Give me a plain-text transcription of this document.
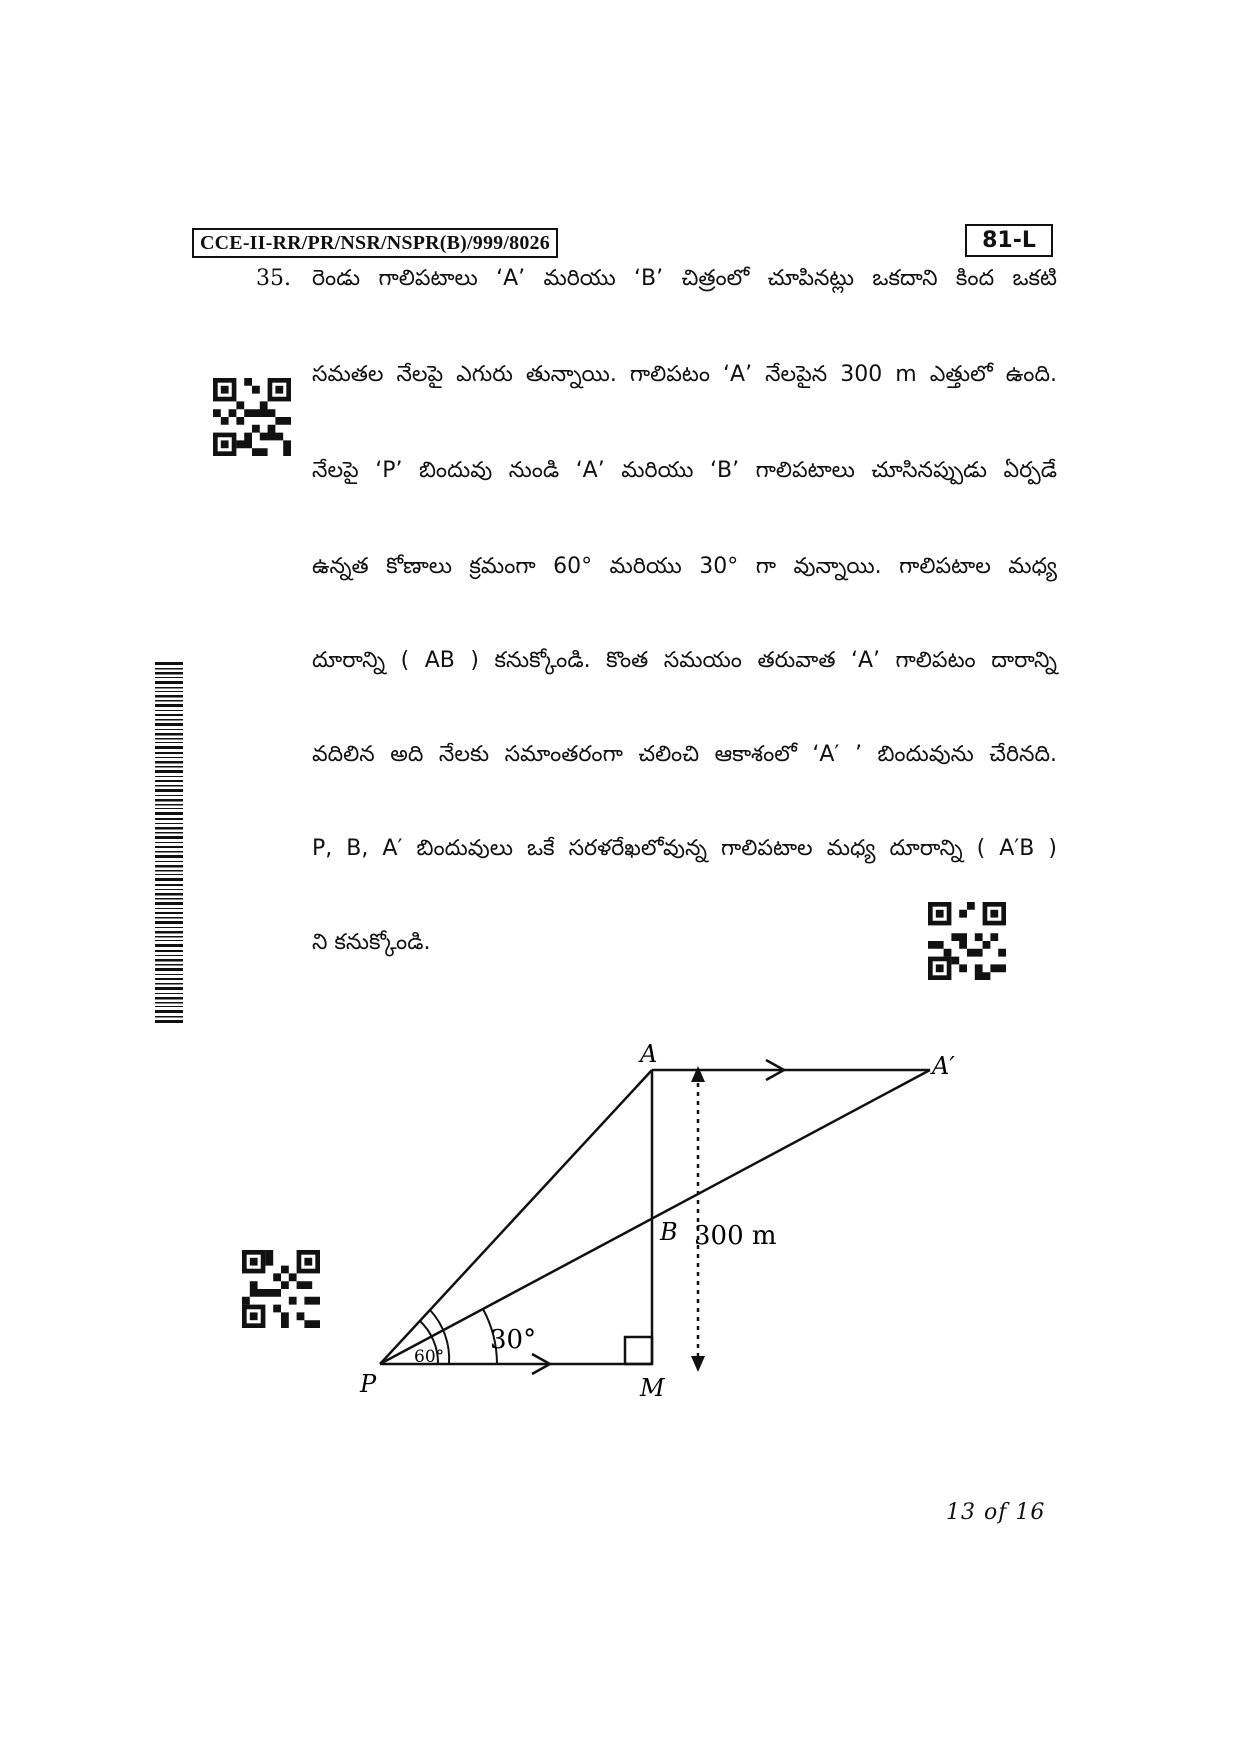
CCE-II-RR/PR/NSR/NSPR(B)/999/8026	81-L
35. రెండు గాలిపటాలు ‘A’ మరియు ‘B’ చిత్రంలో చూపినట్లు ఒకదాని కింద ఒకటి
సమతల నేలపై ఎగురు తున్నాయి. గాలిపటం ‘A’ నేలపైన 300 m ఎత్తులో ఉంది.
నేలపై ‘P’ బిందువు నుండి ‘A’ మరియు ‘B’ గాలిపటాలు చూసినప్పుడు ఏర్పడే
ఉన్నత కోణాలు క్రమంగా 60° మరియు 30° గా వున్నాయి. గాలిపటాల మధ్య
దూరాన్ని ( AB ) కనుక్కోండి. కొంత సమయం తరువాత ‘A’ గాలిపటం దారాన్ని
వదిలిన అది నేలకు సమాంతరంగా చలించి ఆకాశంలో ‘A′ ’ బిందువును చేరినది.
P, B, A′ బిందువులు ఒకే సరళరేఖలోవున్న గాలిపటాల మధ్య దూరాన్ని ( A′B )
ని కనుక్కోండి.
A	A′
B
P	M
300 m
60°
30°
13 of 16
